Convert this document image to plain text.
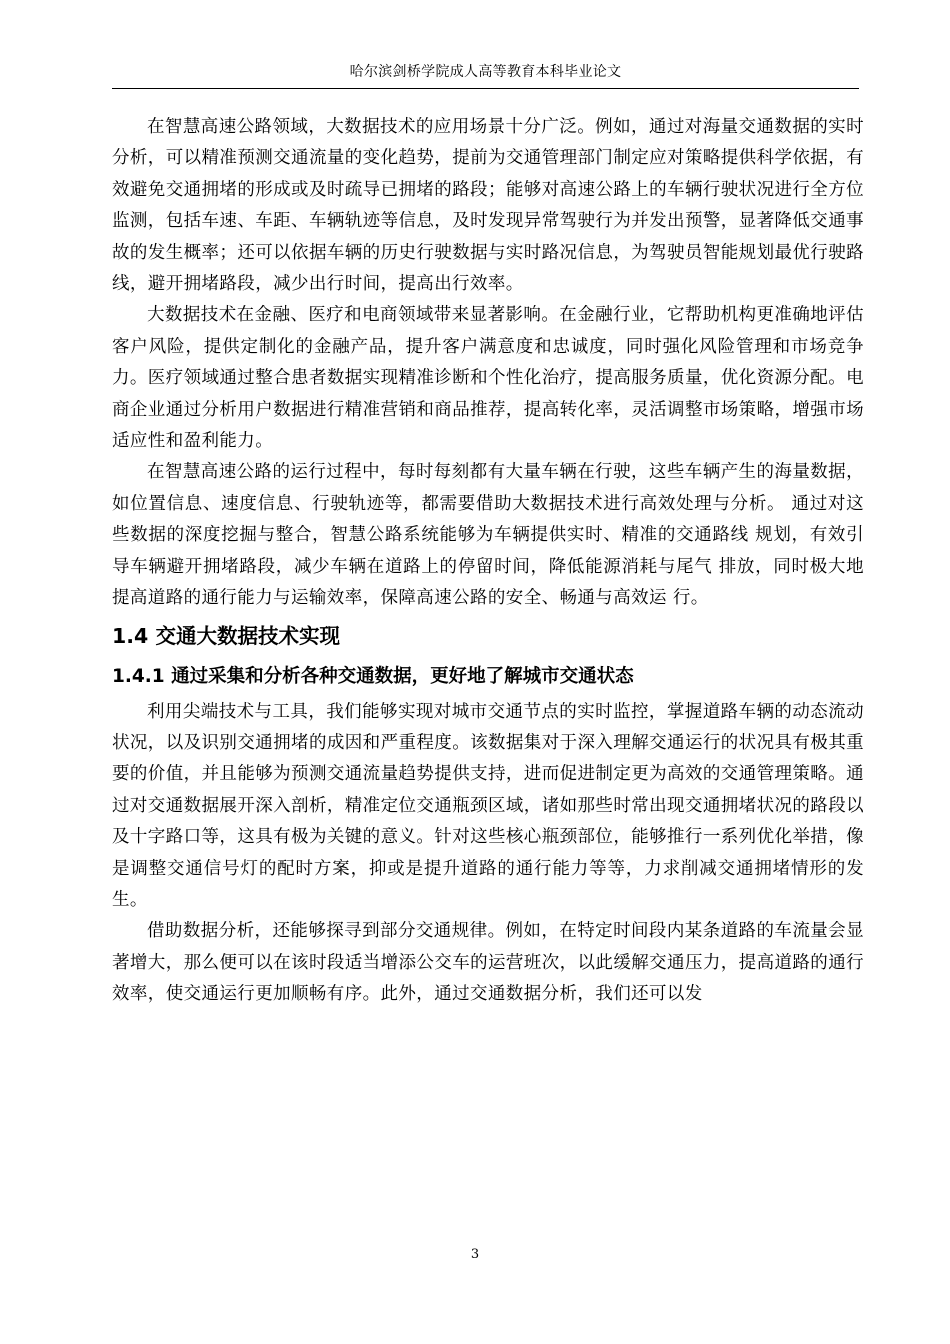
哈尔滨剑桥学院成人高等教育本科毕业论文

在智慧高速公路领域，大数据技术的应用场景十分广泛。例如，通过对海量交通数据的实时分析，可以精准预测交通流量的变化趋势，提前为交通管理部门制定应对策略提供科学依据，有效避免交通拥堵的形成或及时疏导已拥堵的路段；能够对高速公路上的车辆行驶状况进行全方位监测，包括车速、车距、车辆轨迹等信息，及时发现异常驾驶行为并发出预警，显著降低交通事故的发生概率；还可以依据车辆的历史行驶数据与实时路况信息，为驾驶员智能规划最优行驶路线，避开拥堵路段，减少出行时间，提高出行效率。

大数据技术在金融、医疗和电商领域带来显著影响。在金融行业，它帮助机构更准确地评估客户风险，提供定制化的金融产品，提升客户满意度和忠诚度，同时强化风险管理和市场竞争力。医疗领域通过整合患者数据实现精准诊断和个性化治疗，提高服务质量，优化资源分配。电商企业通过分析用户数据进行精准营销和商品推荐，提高转化率，灵活调整市场策略，增强市场适应性和盈利能力。

在智慧高速公路的运行过程中，每时每刻都有大量车辆在行驶，这些车辆产生的海量数据，如位置信息、速度信息、行驶轨迹等，都需要借助大数据技术进行高效处理与分析。 通过对这些数据的深度挖掘与整合，智慧公路系统能够为车辆提供实时、精准的交通路线 规划，有效引导车辆避开拥堵路段，减少车辆在道路上的停留时间，降低能源消耗与尾气 排放，同时极大地提高道路的通行能力与运输效率，保障高速公路的安全、畅通与高效运 行。

1.4 交通大数据技术实现
1.4.1 通过采集和分析各种交通数据，更好地了解城市交通状态

利用尖端技术与工具，我们能够实现对城市交通节点的实时监控，掌握道路车辆的动态流动状况，以及识别交通拥堵的成因和严重程度。该数据集对于深入理解交通运行的状况具有极其重要的价值，并且能够为预测交通流量趋势提供支持，进而促进制定更为高效的交通管理策略。通过对交通数据展开深入剖析，精准定位交通瓶颈区域，诸如那些时常出现交通拥堵状况的路段以及十字路口等，这具有极为关键的意义。针对这些核心瓶颈部位，能够推行一系列优化举措，像是调整交通信号灯的配时方案，抑或是提升道路的通行能力等等，力求削减交通拥堵情形的发生。

借助数据分析，还能够探寻到部分交通规律。例如，在特定时间段内某条道路的车流量会显著增大，那么便可以在该时段适当增添公交车的运营班次，以此缓解交通压力，提高道路的通行效率，使交通运行更加顺畅有序。此外，通过交通数据分析，我们还可以发

3
